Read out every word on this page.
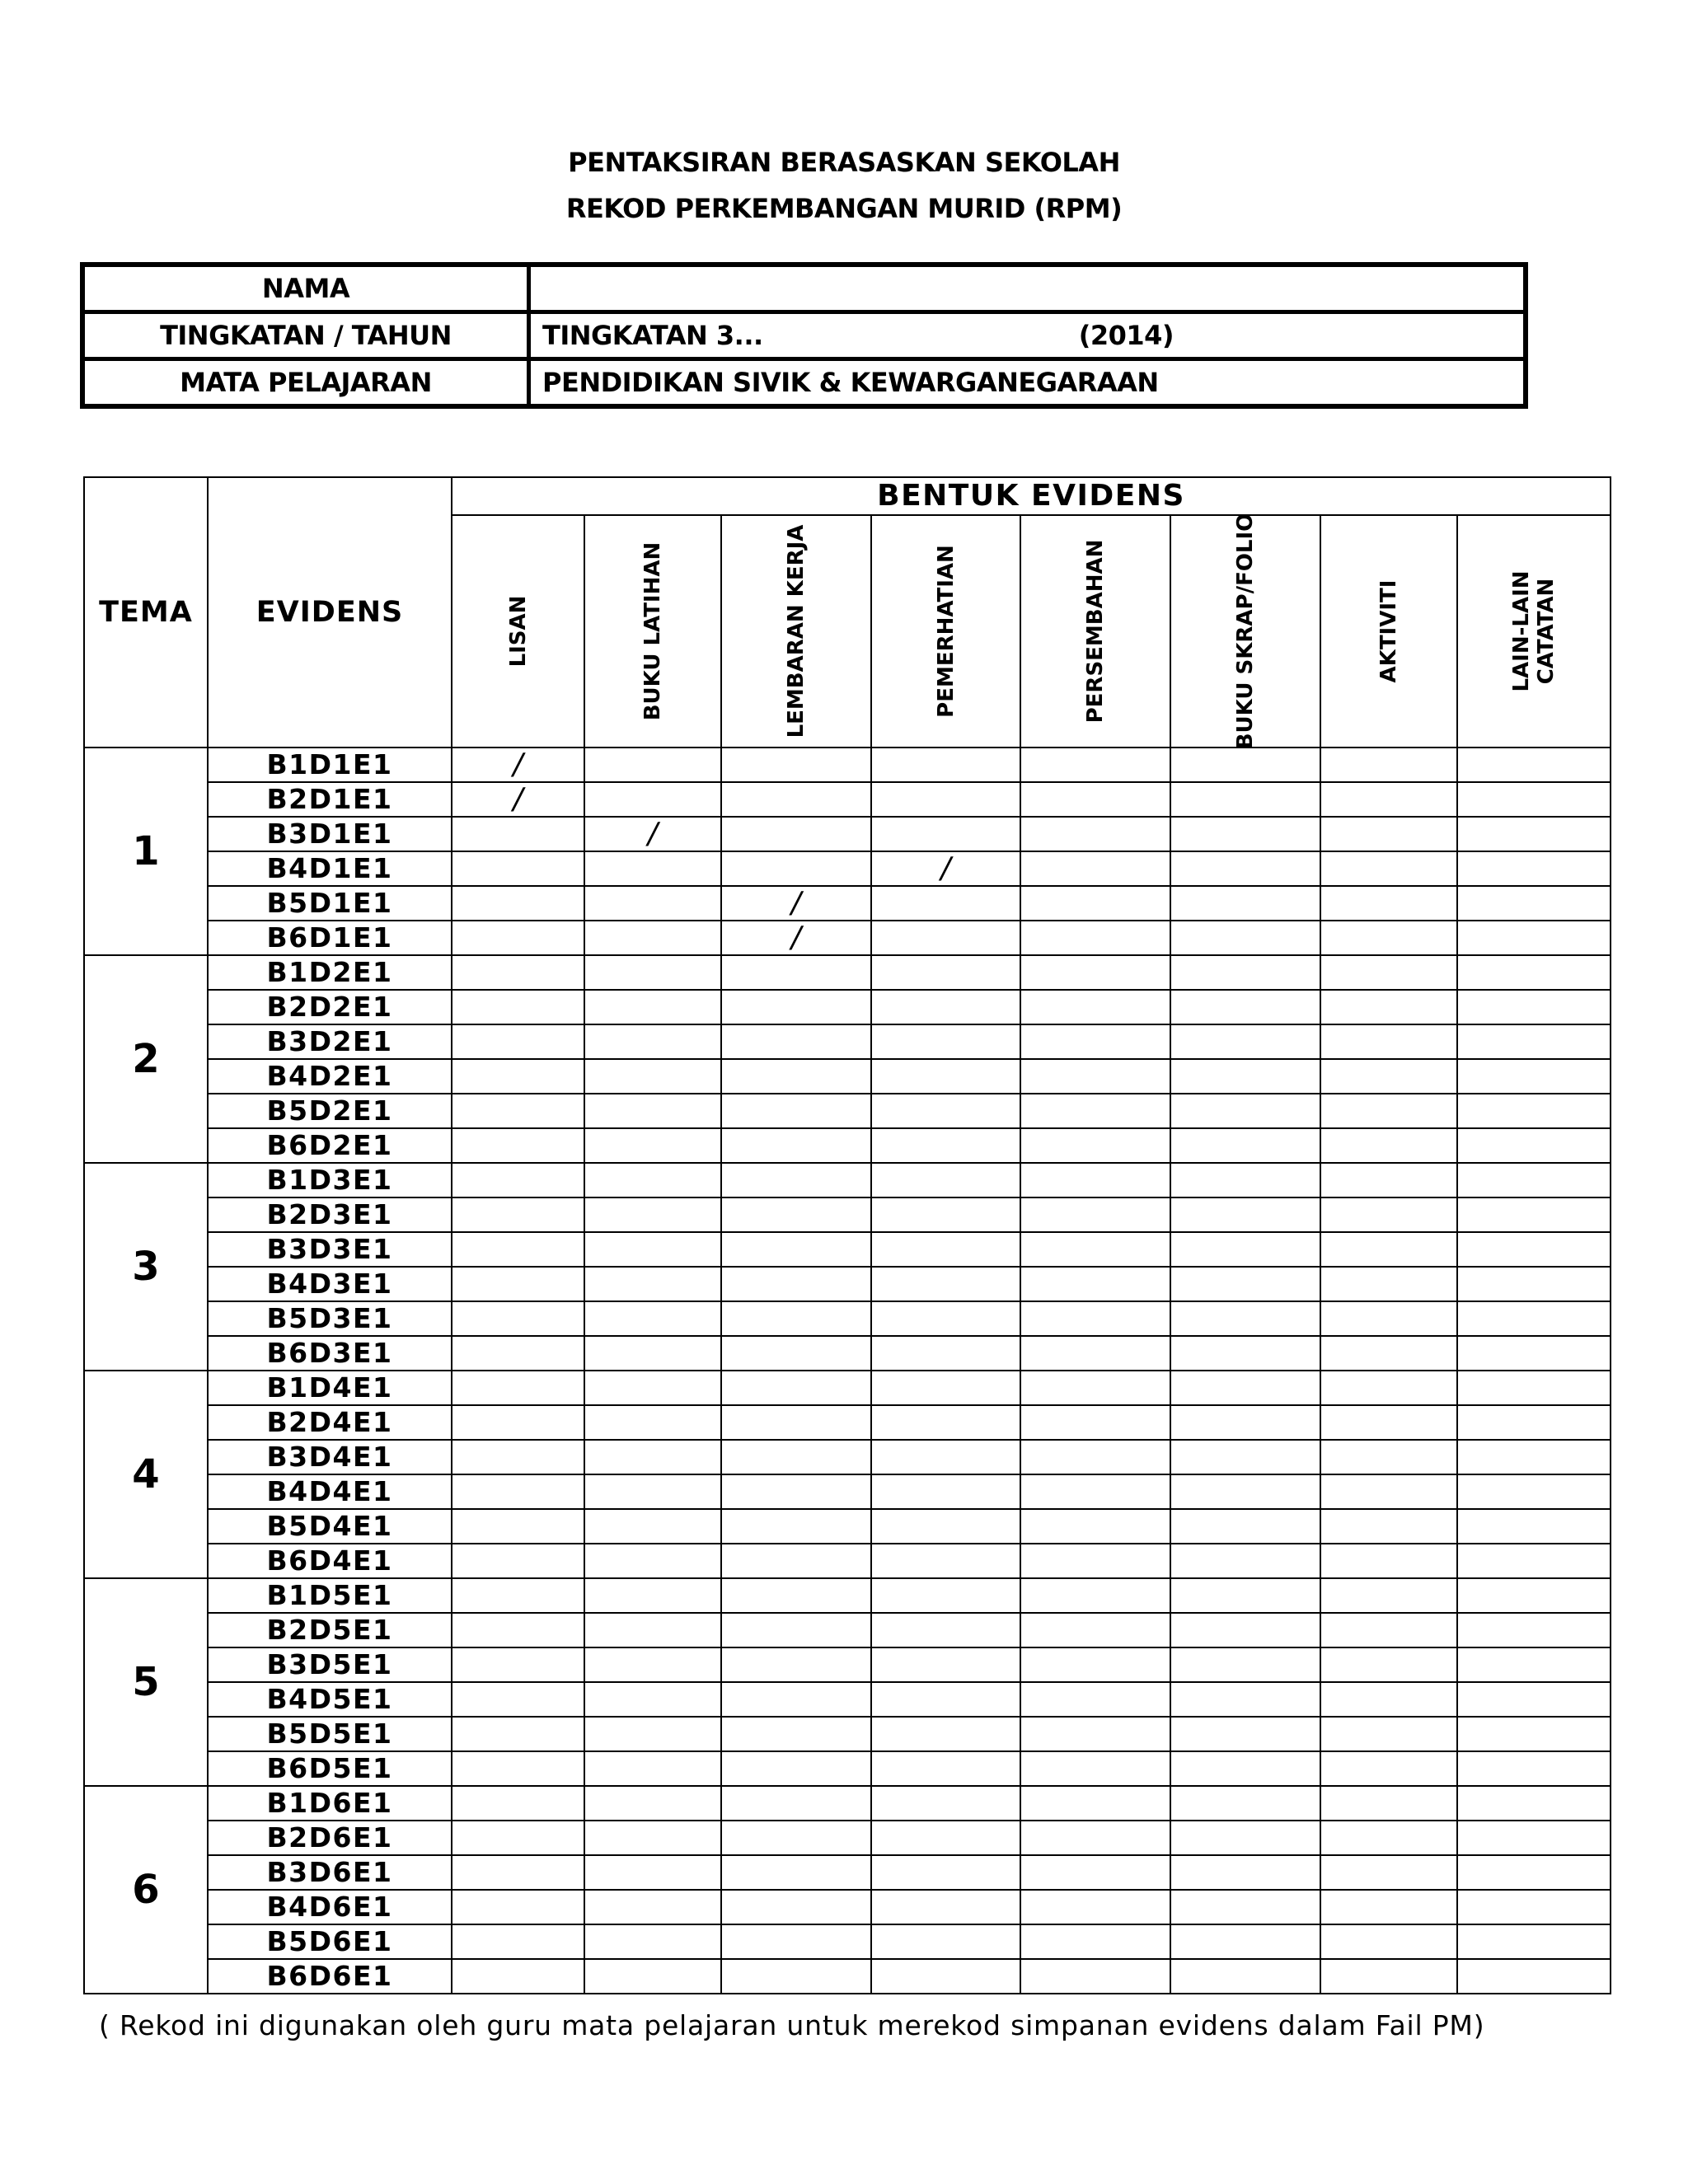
PENTAKSIRAN BERASASKAN SEKOLAH
REKOD PERKEMBANGAN MURID (RPM)
NAMA	
TINGKATAN / TAHUN	TINGKATAN 3... (2014)

MATA PELAJARAN	PENDIDIKAN SIVIK & KEWARGANEGARAAN
TEMA	EVIDENS	BENTUK EVIDENS							

		LISAN	BUKU LATIHAN	LEMBARAN KERJA	PEMERHATIAN	PERSEMBAHAN	BUKU SKRAP/FOLIO	AKTIVITI	LAIN-LAIN
CATATAN

1	B1D1E1	/							
	B2D1E1	/							
	B3D1E1		/						
	B4D1E1				/				
	B5D1E1			/					
	B6D1E1			/					
2	B1D2E1								
	B2D2E1								
	B3D2E1								
	B4D2E1								
	B5D2E1								
	B6D2E1								
3	B1D3E1								
	B2D3E1								
	B3D3E1								
	B4D3E1								
	B5D3E1								
	B6D3E1								
4	B1D4E1								
	B2D4E1								
	B3D4E1								
	B4D4E1								
	B5D4E1								
	B6D4E1								
5	B1D5E1								
	B2D5E1								
	B3D5E1								
	B4D5E1								
	B5D5E1								
	B6D5E1								
6	B1D6E1								
	B2D6E1								
	B3D6E1								
	B4D6E1								
	B5D6E1								
	B6D6E1								
( Rekod ini digunakan oleh guru mata pelajaran untuk merekod simpanan evidens dalam Fail PM)
